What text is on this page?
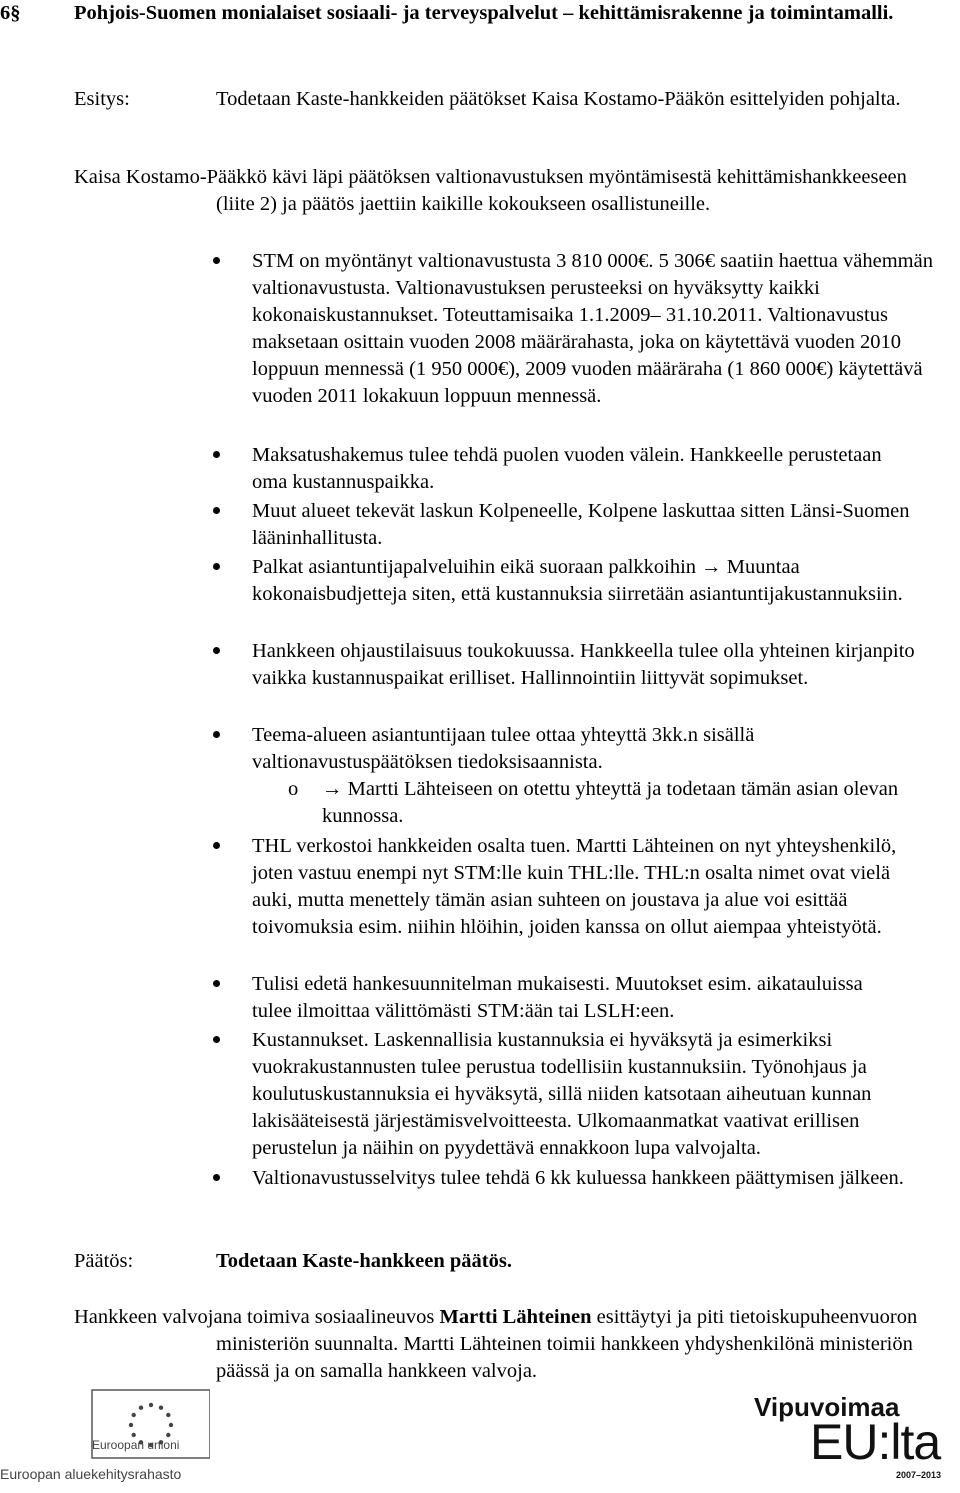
6§	Pohjois-Suomen monialaiset sosiaali- ja terveyspalvelut – kehittämisrakenne ja toimintamalli.
Esitys:	Todetaan Kaste-hankkeiden päätökset Kaisa Kostamo-Pääkön esittelyiden pohjalta.
Kaisa Kostamo-Pääkkö kävi läpi päätöksen valtionavustuksen myöntämisestä kehittämishankkeeseen (liite 2) ja päätös jaettiin kaikille kokoukseen osallistuneille.
STM on myöntänyt valtionavustusta 3 810 000€. 5 306€ saatiin haettua vähemmän valtionavustusta. Valtionavustuksen perusteeksi on hyväksytty kaikki kokonaiskustannukset. Toteuttamisaika 1.1.2009– 31.10.2011. Valtionavustus maksetaan osittain vuoden 2008 määrärahasta, joka on käytettävä vuoden 2010 loppuun mennessä (1 950 000€), 2009 vuoden määräraha (1 860 000€) käytettävä vuoden 2011 lokakuun loppuun mennessä.
Maksatushakemus tulee tehdä puolen vuoden välein. Hankkeelle perustetaan oma kustannuspaikka.
Muut alueet tekevät laskun Kolpeneelle, Kolpene laskuttaa sitten Länsi-Suomen lääninhallitusta.
Palkat asiantuntijapalveluihin eikä suoraan palkkoihin → Muuntaa kokonaisbudjetteja siten, että kustannuksia siirretään asiantuntijakustannuksiin.
Hankkeen ohjaustilaisuus toukokuussa. Hankkeella tulee olla yhteinen kirjanpito vaikka kustannuspaikat erilliset. Hallinnointiin liittyvät sopimukset.
Teema-alueen asiantuntijaan tulee ottaa yhteyttä 3kk.n sisällä valtionavustuspäätöksen tiedoksisaannista.
o → Martti Lähteiseen on otettu yhteyttä ja todetaan tämän asian olevan kunnossa.
THL verkostoi hankkeiden osalta tuen. Martti Lähteinen on nyt yhteyshenkilö, joten vastuu enempi nyt STM:lle kuin THL:lle. THL:n osalta nimet ovat vielä auki, mutta menettely tämän asian suhteen on joustava ja alue voi esittää toivomuksia esim. niihin hlöihin, joiden kanssa on ollut aiempaa yhteistyötä.
Tulisi edetä hankesuunnitelman mukaisesti. Muutokset esim. aikatauluissa tulee ilmoittaa välittömästi STM:ään tai LSLH:een.
Kustannukset. Laskennallisia kustannuksia ei hyväksytä ja esimerkiksi vuokrakustannusten tulee perustua todellisiin kustannuksiin. Työnohjaus ja koulutuskustannuksia ei hyväksytä, sillä niiden katsotaan aiheutuan kunnan lakisääteisestä järjestämisvelvoitteesta. Ulkomaanmatkat vaativat erillisen perustelun ja näihin on pyydettävä ennakkoon lupa valvojalta.
Valtionavustusselvitys tulee tehdä 6 kk kuluessa hankkeen päättymisen jälkeen.
Päätös:	Todetaan Kaste-hankkeen päätös.
Hankkeen valvojana toimiva sosiaalineuvos Martti Lähteinen esittäytyi ja piti tietoiskupuheenvuoron ministeriön suunnalta. Martti Lähteinen toimii hankkeen yhdyshenkilönä ministeriön päässä ja on samalla hankkeen valvoja.
Euroopan unioni
Euroopan aluekehitysrahasto
Vipuvoimaa
EU:lta
2007–2013
